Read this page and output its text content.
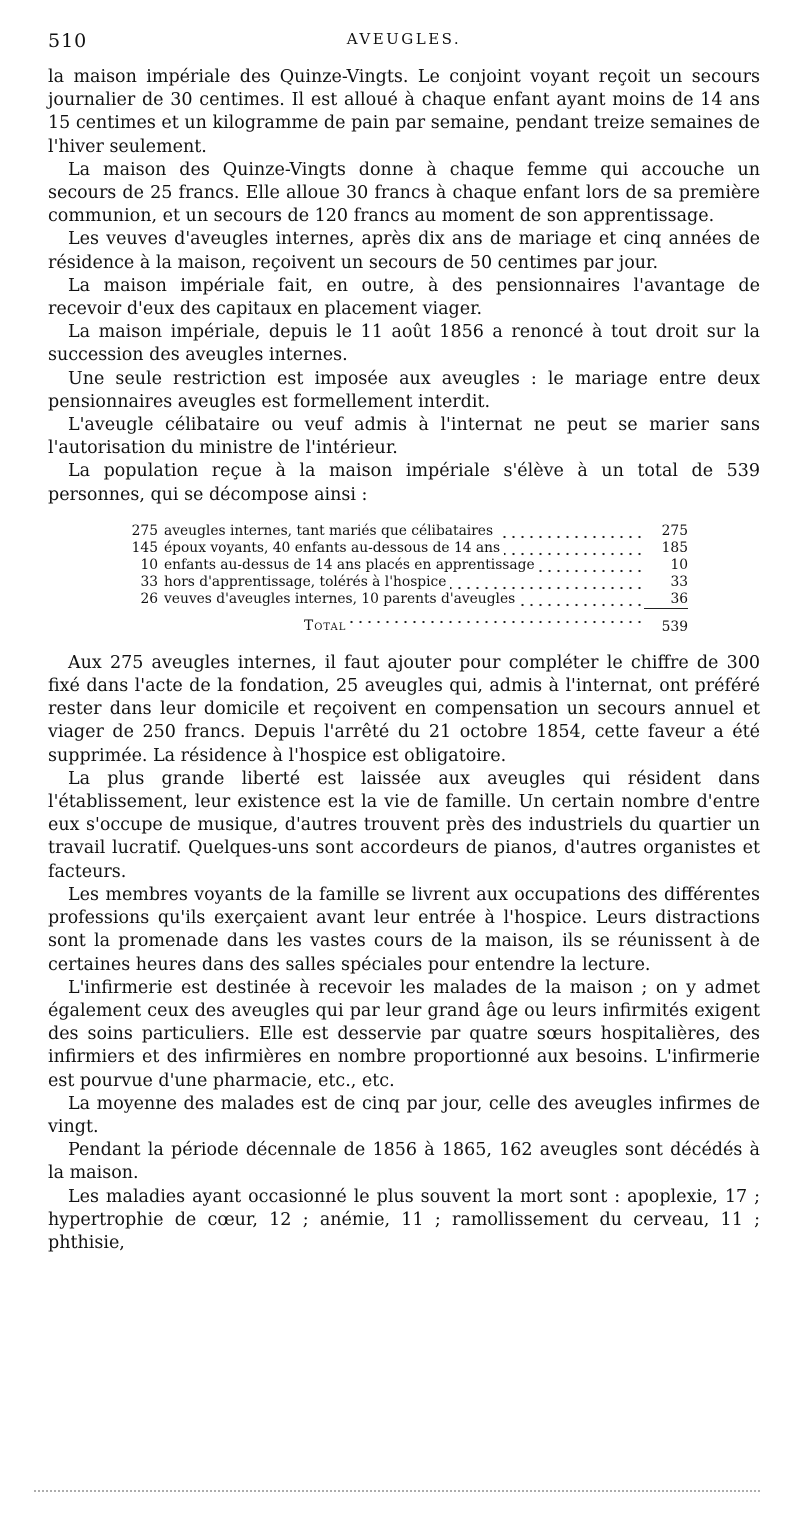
510	AVEUGLES.

la maison impériale des Quinze-Vingts. Le conjoint voyant reçoit un secours journalier de 30 centimes. Il est alloué à chaque enfant ayant moins de 14 ans 15 centimes et un kilogramme de pain par semaine, pendant treize semaines de l'hiver seulement.

La maison des Quinze-Vingts donne à chaque femme qui accouche un secours de 25 francs. Elle alloue 30 francs à chaque enfant lors de sa première communion, et un secours de 120 francs au moment de son apprentissage.

Les veuves d'aveugles internes, après dix ans de mariage et cinq années de résidence à la maison, reçoivent un secours de 50 centimes par jour.

La maison impériale fait, en outre, à des pensionnaires l'avantage de recevoir d'eux des capitaux en placement viager.

La maison impériale, depuis le 11 août 1856 a renoncé à tout droit sur la succession des aveugles internes.

Une seule restriction est imposée aux aveugles : le mariage entre deux pensionnaires aveugles est formellement interdit.

L'aveugle célibataire ou veuf admis à l'internat ne peut se marier sans l'autorisation du ministre de l'intérieur.

La population reçue à la maison impériale s'élève à un total de 539 personnes, qui se décompose ainsi :

275	aveugles internes, tant mariés que célibataires	275
145	époux voyants, 40 enfants au-dessous de 14 ans	185
10	enfants au-dessus de 14 ans placés en apprentissage	10
33	hors d'apprentissage, tolérés à l'hospice	33
26	veuves d'aveugles internes, 10 parents d'aveugles	36
	Total	539

Aux 275 aveugles internes, il faut ajouter pour compléter le chiffre de 300 fixé dans l'acte de la fondation, 25 aveugles qui, admis à l'internat, ont préféré rester dans leur domicile et reçoivent en compensation un secours annuel et viager de 250 francs. Depuis l'arrêté du 21 octobre 1854, cette faveur a été supprimée. La résidence à l'hospice est obligatoire.

La plus grande liberté est laissée aux aveugles qui résident dans l'établissement, leur existence est la vie de famille. Un certain nombre d'entre eux s'occupe de musique, d'autres trouvent près des industriels du quartier un travail lucratif. Quelques-uns sont accordeurs de pianos, d'autres organistes et facteurs.

Les membres voyants de la famille se livrent aux occupations des différentes professions qu'ils exerçaient avant leur entrée à l'hospice. Leurs distractions sont la promenade dans les vastes cours de la maison, ils se réunissent à de certaines heures dans des salles spéciales pour entendre la lecture.

L'infirmerie est destinée à recevoir les malades de la maison ; on y admet également ceux des aveugles qui par leur grand âge ou leurs infirmités exigent des soins particuliers. Elle est desservie par quatre sœurs hospitalières, des infirmiers et des infirmières en nombre proportionné aux besoins. L'infirmerie est pourvue d'une pharmacie, etc., etc.

La moyenne des malades est de cinq par jour, celle des aveugles infirmes de vingt.

Pendant la période décennale de 1856 à 1865, 162 aveugles sont décédés à la maison.

Les maladies ayant occasionné le plus souvent la mort sont : apoplexie, 17 ; hypertrophie de cœur, 12 ; anémie, 11 ; ramollissement du cerveau, 11 ; phthisie,
